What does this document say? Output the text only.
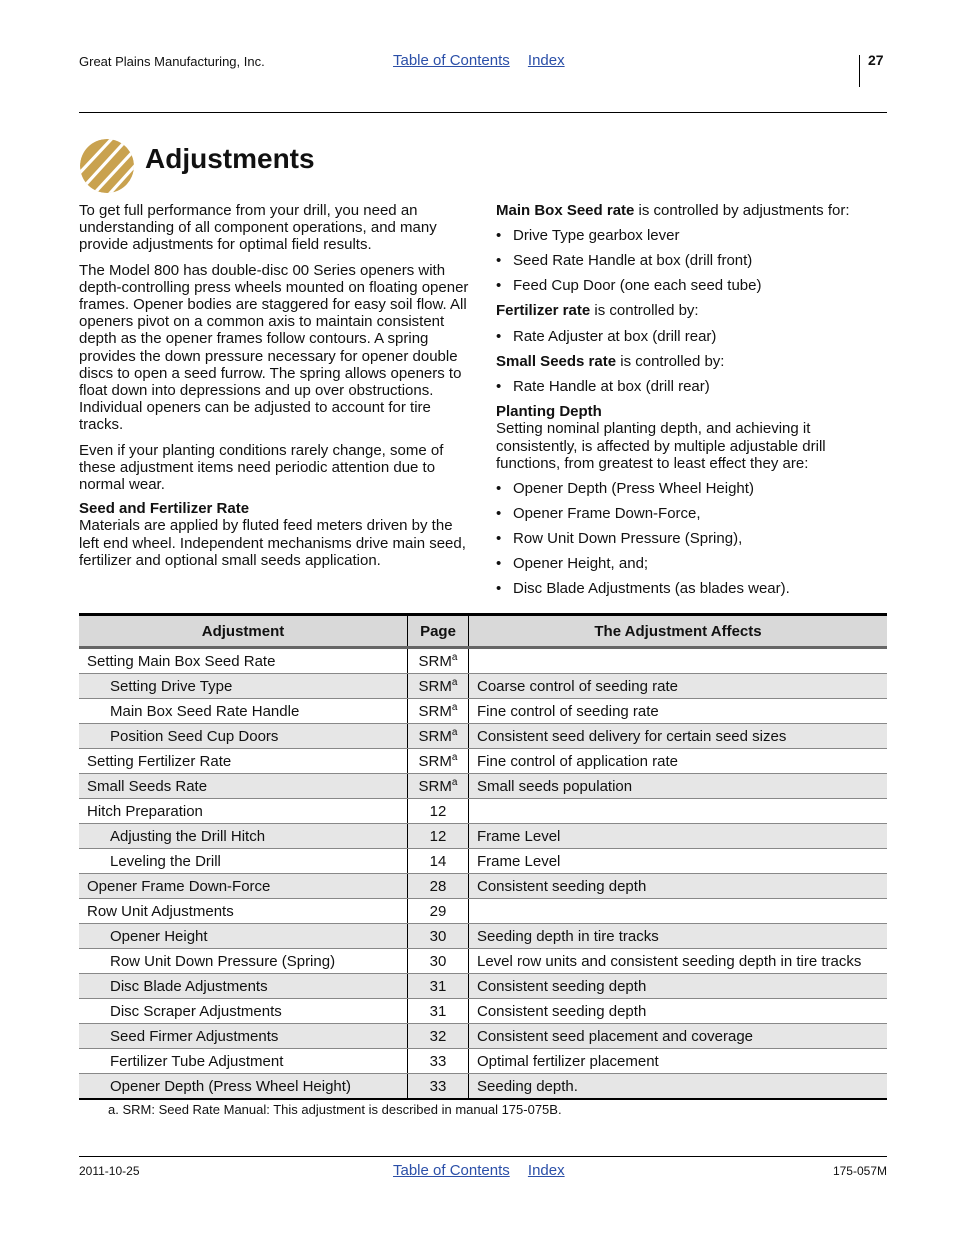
Great Plains Manufacturing, Inc.	Table of Contents Index	27
Adjustments

To get full performance from your drill, you need an understanding of all component operations, and many provide adjustments for optimal field results.

The Model 800 has double-disc 00 Series openers with depth-controlling press wheels mounted on floating opener frames. Opener bodies are staggered for easy soil flow. All openers pivot on a common axis to maintain consistent depth as the opener frames follow contours. A spring provides the down pressure necessary for opener double discs to open a seed furrow. The spring allows openers to float down into depressions and up over obstructions. Individual openers can be adjusted to account for tire tracks.

Even if your planting conditions rarely change, some of these adjustment items need periodic attention due to normal wear.

Seed and Fertilizer Rate

Materials are applied by fluted feed meters driven by the left end wheel. Independent mechanisms drive main seed, fertilizer and optional small seeds application.

Main Box Seed rate is controlled by adjustments for:

• Drive Type gearbox lever
• Seed Rate Handle at box (drill front)
• Feed Cup Door (one each seed tube)

Fertilizer rate is controlled by:

• Rate Adjuster at box (drill rear)

Small Seeds rate is controlled by:

• Rate Handle at box (drill rear)
Planting Depth

Setting nominal planting depth, and achieving it consistently, is affected by multiple adjustable drill functions, from greatest to least effect they are:

• Opener Depth (Press Wheel Height)
• Opener Frame Down-Force,
• Row Unit Down Pressure (Spring),
• Opener Height, and;
• Disc Blade Adjustments (as blades wear).
Adjustment	Page	The Adjustment Affects
Setting Main Box Seed Rate	SRM$^a$	
Setting Drive Type	SRM$^a$	Coarse control of seeding rate
Main Box Seed Rate Handle	SRM$^a$	Fine control of seeding rate
Position Seed Cup Doors	SRM$^a$	Consistent seed delivery for certain seed sizes
Setting Fertilizer Rate	SRM$^a$	Fine control of application rate
Small Seeds Rate	SRM$^a$	Small seeds population
Hitch Preparation	12	
Adjusting the Drill Hitch	12	Frame Level
Leveling the Drill	14	Frame Level
Opener Frame Down-Force	28	Consistent seeding depth
Row Unit Adjustments	29	
Opener Height	30	Seeding depth in tire tracks
Row Unit Down Pressure (Spring)	30	Level row units and consistent seeding depth in tire tracks
Disc Blade Adjustments	31	Consistent seeding depth
Disc Scraper Adjustments	31	Consistent seeding depth
Seed Firmer Adjustments	32	Consistent seed placement and coverage
Fertilizer Tube Adjustment	33	Optimal fertilizer placement
Opener Depth (Press Wheel Height)	33	Seeding depth.
a. SRM: Seed Rate Manual: This adjustment is described in manual 175-075B.
2011-10-25	Table of Contents Index	175-057M
